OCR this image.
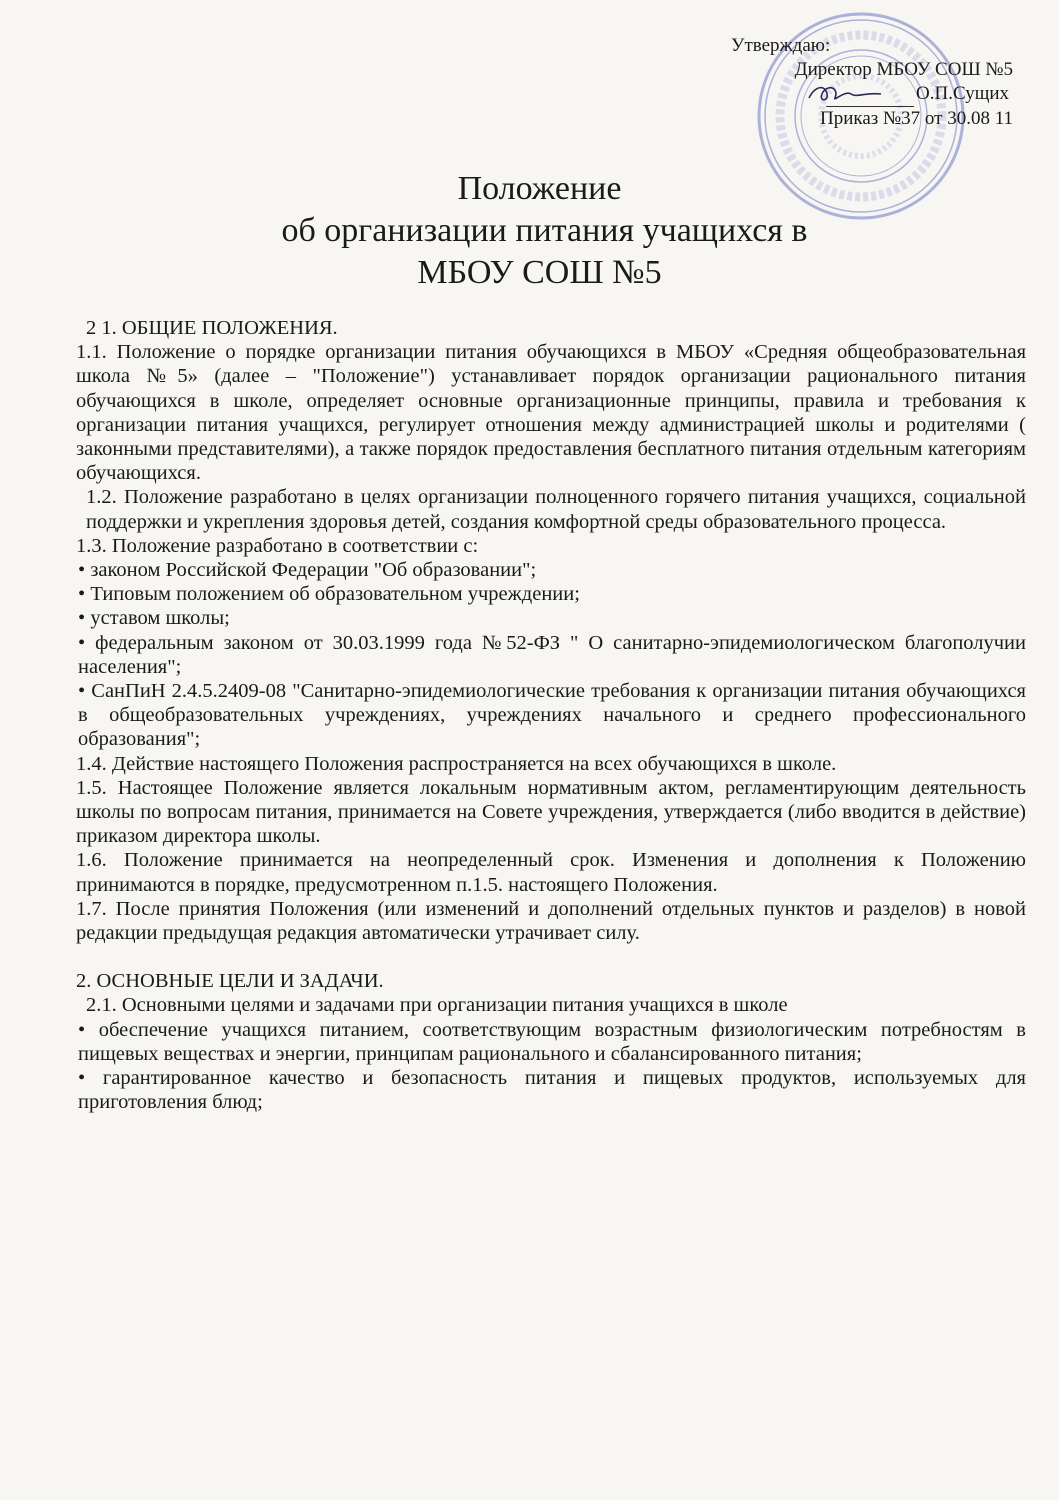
Утверждаю:
Директор МБОУ СОШ №5
О.П.Сущих
Приказ №37 от 30.08 11
Положение
об организации питания учащихся в
МБОУ СОШ №5

2 1. ОБЩИЕ ПОЛОЖЕНИЯ.

1.1. Положение о порядке организации питания обучающихся в МБОУ «Средняя общеобразовательная школа №5» (далее – "Положение") устанавливает порядок организации рационального питания обучающихся в школе, определяет основные организационные принципы, правила и требования к организации питания учащихся, регулирует отношения между администрацией школы и родителями ( законными представителями), а также порядок предоставления бесплатного питания отдельным категориям обучающихся.

1.2. Положение разработано в целях организации полноценного горячего питания учащихся, социальной поддержки и укрепления здоровья детей, создания комфортной среды образовательного процесса.

1.3. Положение разработано в соответствии с:

• законом Российской Федерации "Об образовании";

• Типовым положением об образовательном учреждении;

• уставом школы;

• федеральным законом от 30.03.1999 года №52-ФЗ " О санитарно-эпидемиологическом благополучии населения";

• СанПиН 2.4.5.2409-08 "Санитарно-эпидемиологические требования к организации питания обучающихся в общеобразовательных учреждениях, учреждениях начального и среднего профессионального образования";

1.4. Действие настоящего Положения распространяется на всех обучающихся в школе.

1.5. Настоящее Положение является локальным нормативным актом, регламентирующим деятельность школы по вопросам питания, принимается на Совете учреждения, утверждается (либо вводится в действие) приказом директора школы.

1.6. Положение принимается на неопределенный срок. Изменения и дополнения к Положению принимаются в порядке, предусмотренном п.1.5. настоящего Положения.

1.7. После принятия Положения (или изменений и дополнений отдельных пунктов и разделов) в новой редакции предыдущая редакция автоматически утрачивает силу.

2. ОСНОВНЫЕ ЦЕЛИ И ЗАДАЧИ.

2.1. Основными целями и задачами при организации питания учащихся в школе

• обеспечение учащихся питанием, соответствующим возрастным физиологическим потребностям в пищевых веществах и энергии, принципам рационального и сбалансированного питания;

• гарантированное качество и безопасность питания и пищевых продуктов, используемых для приготовления блюд;
